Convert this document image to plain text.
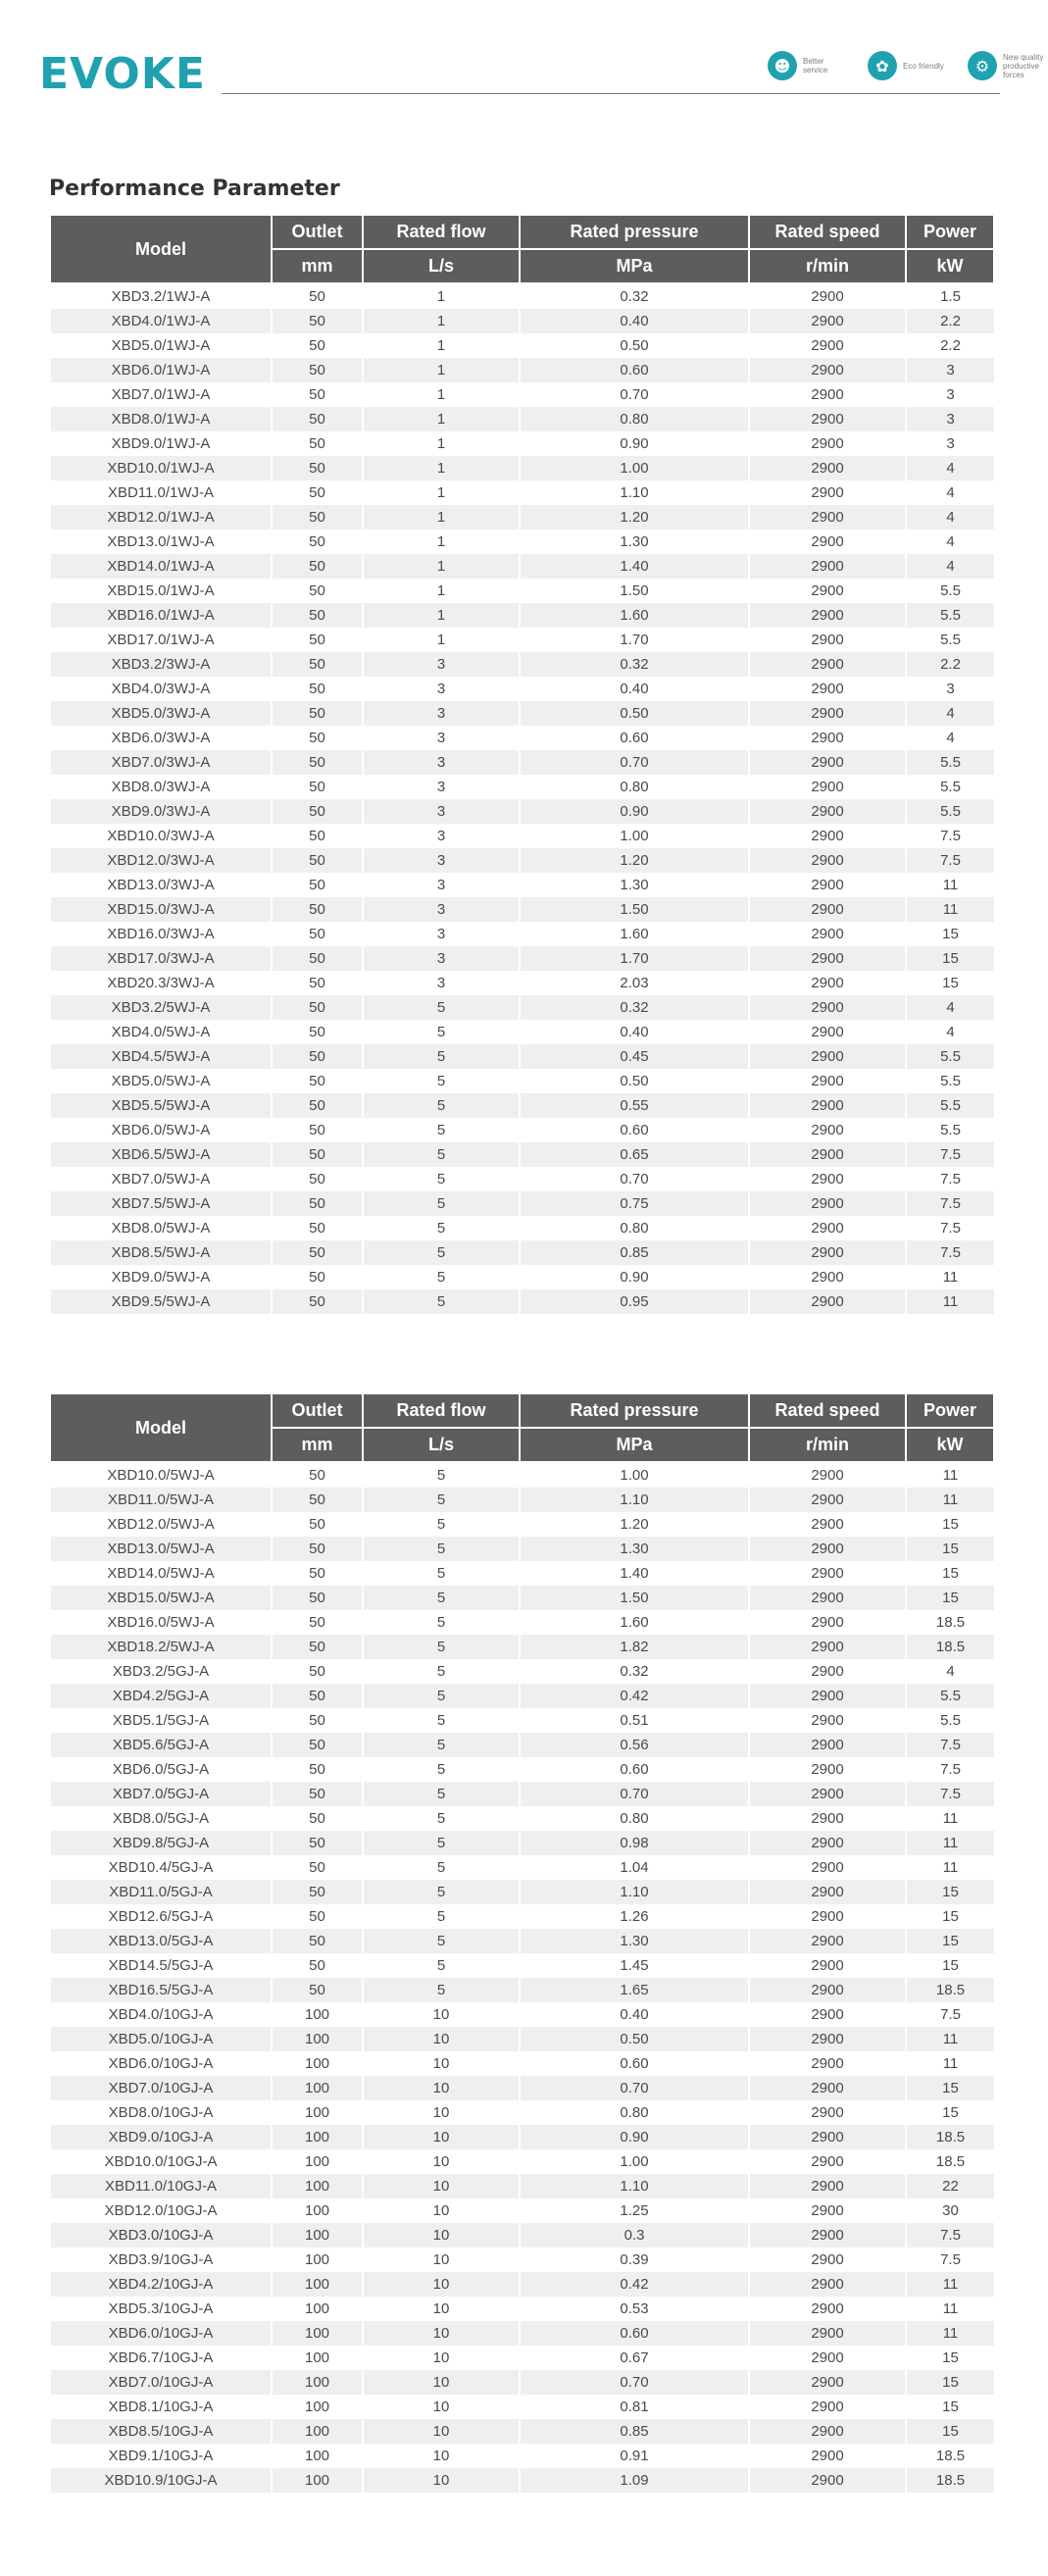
EVOKE	☻	Better service	✿	Eco friendly	⚙	New quality productive forces
Performance Parameter
Model	Outlet	Rated flow	Rated pressure	Rated speed	Power
	mm	L/s	MPa	r/min	kW
XBD3.2/1WJ-A	50	1	0.32	2900	1.5
XBD4.0/1WJ-A	50	1	0.40	2900	2.2
XBD5.0/1WJ-A	50	1	0.50	2900	2.2
XBD6.0/1WJ-A	50	1	0.60	2900	3
XBD7.0/1WJ-A	50	1	0.70	2900	3
XBD8.0/1WJ-A	50	1	0.80	2900	3
XBD9.0/1WJ-A	50	1	0.90	2900	3
XBD10.0/1WJ-A	50	1	1.00	2900	4
XBD11.0/1WJ-A	50	1	1.10	2900	4
XBD12.0/1WJ-A	50	1	1.20	2900	4
XBD13.0/1WJ-A	50	1	1.30	2900	4
XBD14.0/1WJ-A	50	1	1.40	2900	4
XBD15.0/1WJ-A	50	1	1.50	2900	5.5
XBD16.0/1WJ-A	50	1	1.60	2900	5.5
XBD17.0/1WJ-A	50	1	1.70	2900	5.5
XBD3.2/3WJ-A	50	3	0.32	2900	2.2
XBD4.0/3WJ-A	50	3	0.40	2900	3
XBD5.0/3WJ-A	50	3	0.50	2900	4
XBD6.0/3WJ-A	50	3	0.60	2900	4
XBD7.0/3WJ-A	50	3	0.70	2900	5.5
XBD8.0/3WJ-A	50	3	0.80	2900	5.5
XBD9.0/3WJ-A	50	3	0.90	2900	5.5
XBD10.0/3WJ-A	50	3	1.00	2900	7.5
XBD12.0/3WJ-A	50	3	1.20	2900	7.5
XBD13.0/3WJ-A	50	3	1.30	2900	11
XBD15.0/3WJ-A	50	3	1.50	2900	11
XBD16.0/3WJ-A	50	3	1.60	2900	15
XBD17.0/3WJ-A	50	3	1.70	2900	15
XBD20.3/3WJ-A	50	3	2.03	2900	15
XBD3.2/5WJ-A	50	5	0.32	2900	4
XBD4.0/5WJ-A	50	5	0.40	2900	4
XBD4.5/5WJ-A	50	5	0.45	2900	5.5
XBD5.0/5WJ-A	50	5	0.50	2900	5.5
XBD5.5/5WJ-A	50	5	0.55	2900	5.5
XBD6.0/5WJ-A	50	5	0.60	2900	5.5
XBD6.5/5WJ-A	50	5	0.65	2900	7.5
XBD7.0/5WJ-A	50	5	0.70	2900	7.5
XBD7.5/5WJ-A	50	5	0.75	2900	7.5
XBD8.0/5WJ-A	50	5	0.80	2900	7.5
XBD8.5/5WJ-A	50	5	0.85	2900	7.5
XBD9.0/5WJ-A	50	5	0.90	2900	11
XBD9.5/5WJ-A	50	5	0.95	2900	11
Model	Outlet	Rated flow	Rated pressure	Rated speed	Power
	mm	L/s	MPa	r/min	kW
XBD10.0/5WJ-A	50	5	1.00	2900	11
XBD11.0/5WJ-A	50	5	1.10	2900	11
XBD12.0/5WJ-A	50	5	1.20	2900	15
XBD13.0/5WJ-A	50	5	1.30	2900	15
XBD14.0/5WJ-A	50	5	1.40	2900	15
XBD15.0/5WJ-A	50	5	1.50	2900	15
XBD16.0/5WJ-A	50	5	1.60	2900	18.5
XBD18.2/5WJ-A	50	5	1.82	2900	18.5
XBD3.2/5GJ-A	50	5	0.32	2900	4
XBD4.2/5GJ-A	50	5	0.42	2900	5.5
XBD5.1/5GJ-A	50	5	0.51	2900	5.5
XBD5.6/5GJ-A	50	5	0.56	2900	7.5
XBD6.0/5GJ-A	50	5	0.60	2900	7.5
XBD7.0/5GJ-A	50	5	0.70	2900	7.5
XBD8.0/5GJ-A	50	5	0.80	2900	11
XBD9.8/5GJ-A	50	5	0.98	2900	11
XBD10.4/5GJ-A	50	5	1.04	2900	11
XBD11.0/5GJ-A	50	5	1.10	2900	15
XBD12.6/5GJ-A	50	5	1.26	2900	15
XBD13.0/5GJ-A	50	5	1.30	2900	15
XBD14.5/5GJ-A	50	5	1.45	2900	15
XBD16.5/5GJ-A	50	5	1.65	2900	18.5
XBD4.0/10GJ-A	100	10	0.40	2900	7.5
XBD5.0/10GJ-A	100	10	0.50	2900	11
XBD6.0/10GJ-A	100	10	0.60	2900	11
XBD7.0/10GJ-A	100	10	0.70	2900	15
XBD8.0/10GJ-A	100	10	0.80	2900	15
XBD9.0/10GJ-A	100	10	0.90	2900	18.5
XBD10.0/10GJ-A	100	10	1.00	2900	18.5
XBD11.0/10GJ-A	100	10	1.10	2900	22
XBD12.0/10GJ-A	100	10	1.25	2900	30
XBD3.0/10GJ-A	100	10	0.3	2900	7.5
XBD3.9/10GJ-A	100	10	0.39	2900	7.5
XBD4.2/10GJ-A	100	10	0.42	2900	11
XBD5.3/10GJ-A	100	10	0.53	2900	11
XBD6.0/10GJ-A	100	10	0.60	2900	11
XBD6.7/10GJ-A	100	10	0.67	2900	15
XBD7.0/10GJ-A	100	10	0.70	2900	15
XBD8.1/10GJ-A	100	10	0.81	2900	15
XBD8.5/10GJ-A	100	10	0.85	2900	15
XBD9.1/10GJ-A	100	10	0.91	2900	18.5
XBD10.9/10GJ-A	100	10	1.09	2900	18.5
